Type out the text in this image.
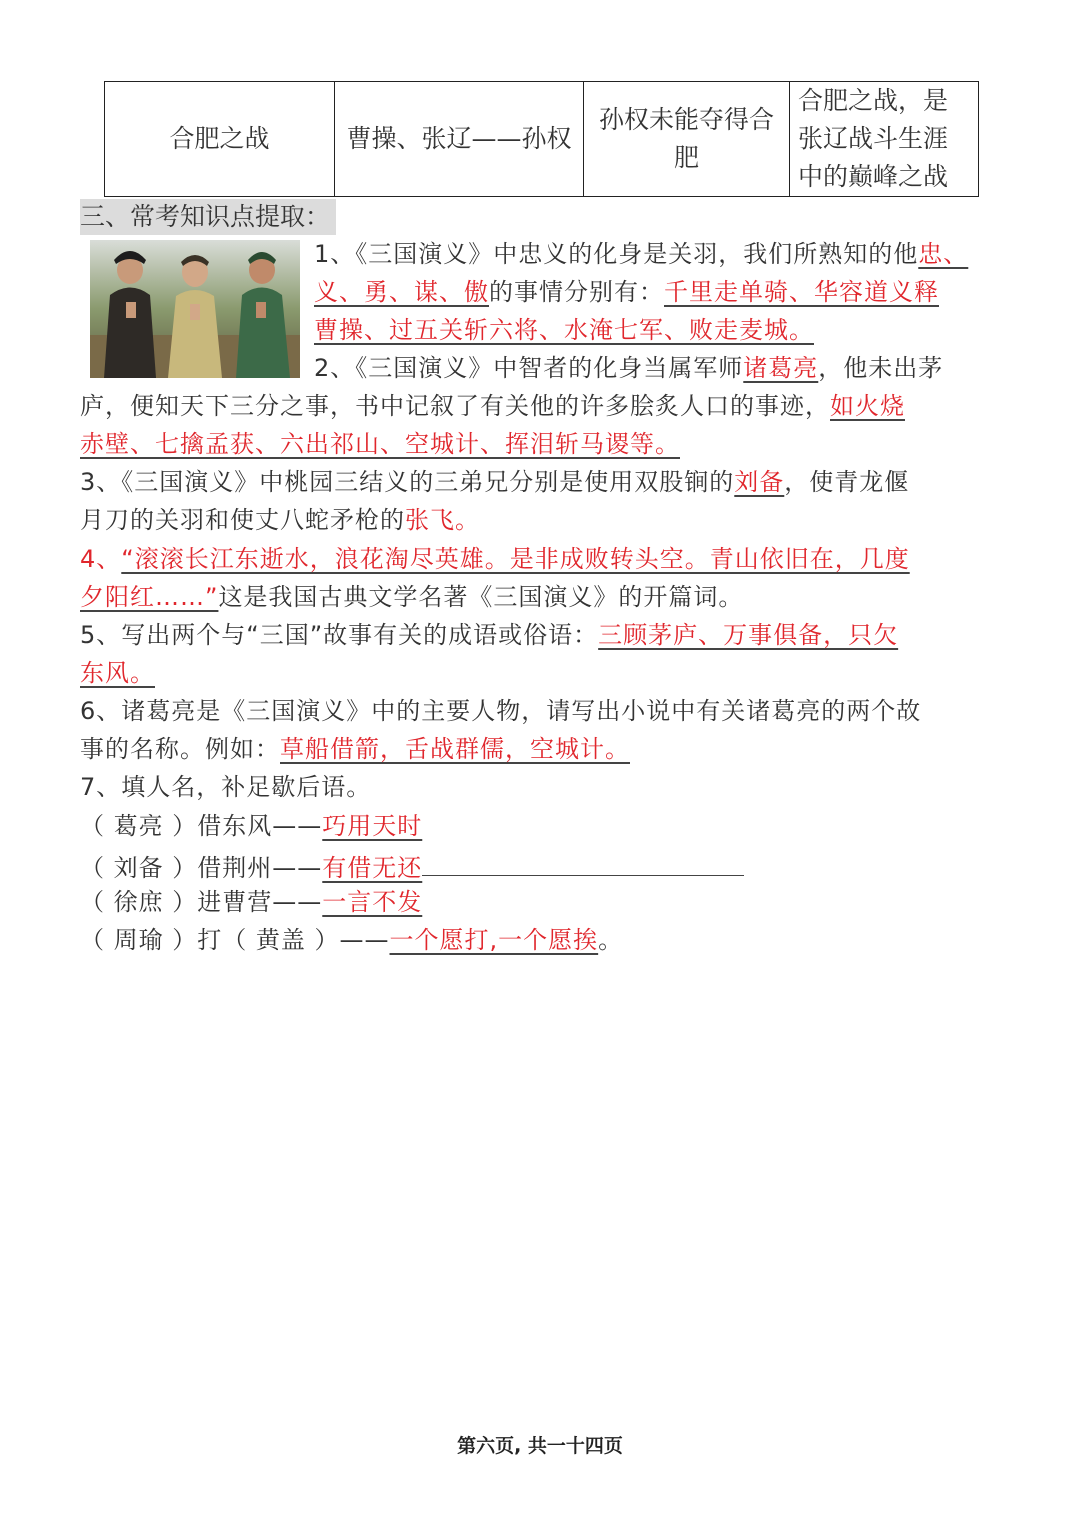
合肥之战	曹操、张辽——孙权	孙权未能夺得合肥	合肥之战，是张辽战斗生涯中的巅峰之战
三、常考知识点提取：
1、《三国演义》中忠义的化身是关羽，我们所熟知的他忠、
义、勇、谋、傲的事情分别有：千里走单骑、华容道义释
曹操、过五关斩六将、水淹七军、败走麦城。
2、《三国演义》中智者的化身当属军师诸葛亮，他未出茅
庐，便知天下三分之事，书中记叙了有关他的许多脍炙人口的事迹，如火烧
赤壁、七擒孟获、六出祁山、空城计、挥泪斩马谡等。
3、《三国演义》中桃园三结义的三弟兄分别是使用双股锏的刘备，使青龙偃
月刀的关羽和使丈八蛇矛枪的张飞。
4、“滚滚长江东逝水，浪花淘尽英雄。是非成败转头空。青山依旧在，几度
夕阳红……”这是我国古典文学名著《三国演义》的开篇词。
5、写出两个与“三国”故事有关的成语或俗语：三顾茅庐、万事俱备，只欠
东风。
6、诸葛亮是《三国演义》中的主要人物，请写出小说中有关诸葛亮的两个故
事的名称。例如：草船借箭，舌战群儒，空城计。
7、填人名，补足歇后语。
（ 葛亮 ）借东风——巧用天时
（ 刘备 ）借荆州——有借无还
（ 徐庶 ）进曹营——一言不发
（ 周瑜 ）打（ 黄盖 ）——一个愿打,一个愿挨。
第六页, 共一十四页
